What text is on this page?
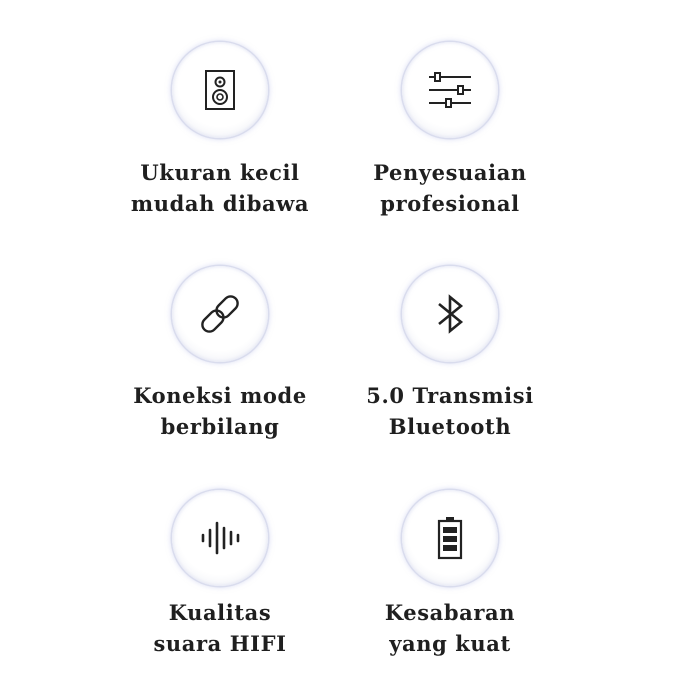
Ukuran kecil
mudah dibawa
Penyesuaian
profesional
Koneksi mode
berbilang
5.0 Transmisi
Bluetooth
Kualitas
suara HIFI
Kesabaran
yang kuat
